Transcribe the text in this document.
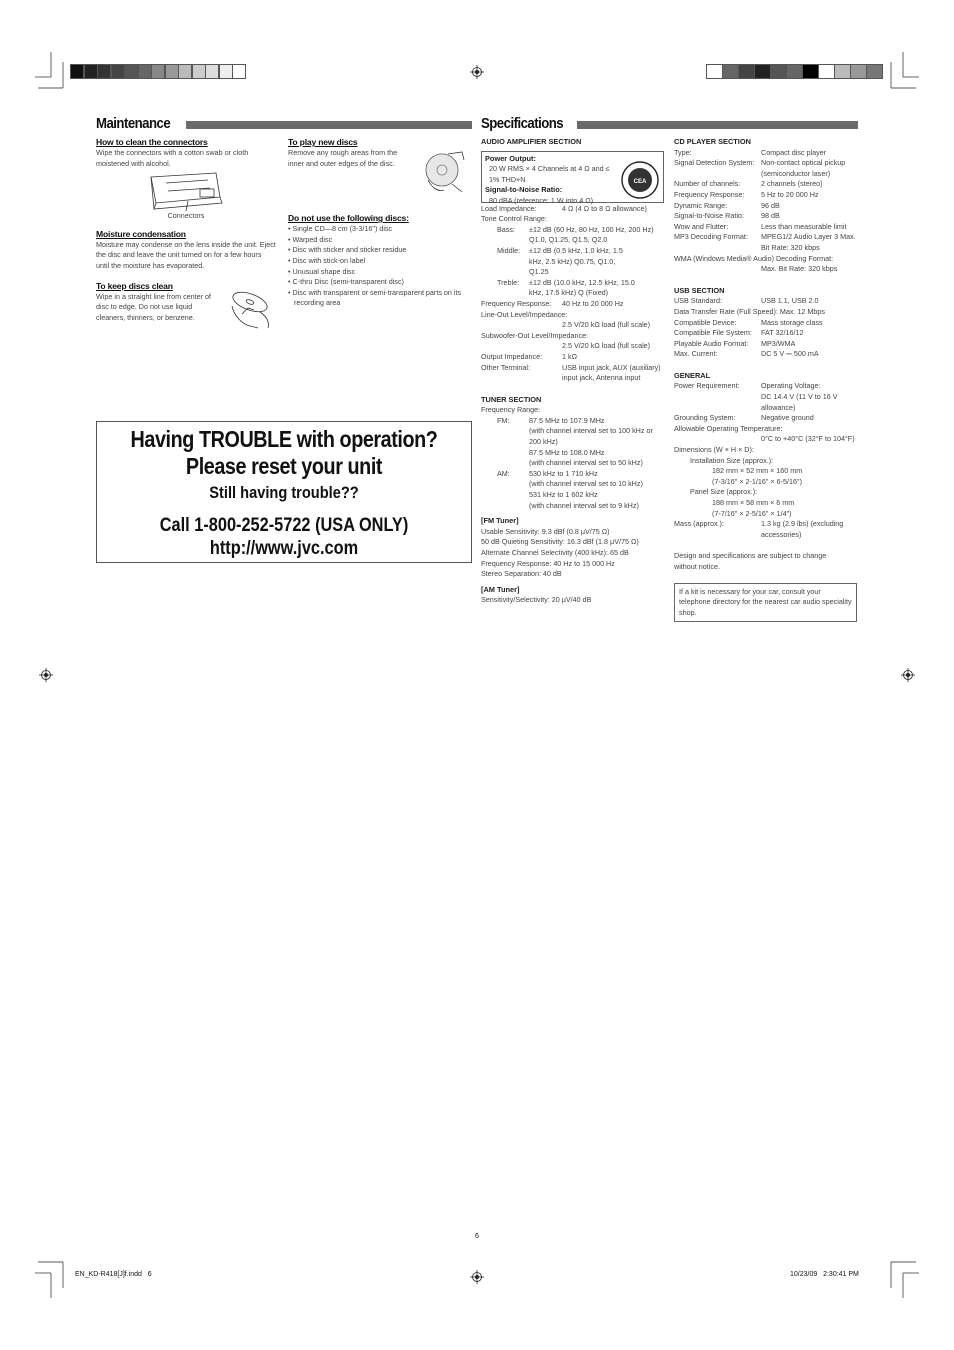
Maintenance
How to clean the connectors
Wipe the connectors with a cotton swab or cloth moistened with alcohol.
Connectors
Moisture condensation
Moisture may condense on the lens inside the unit. Eject the disc and leave the unit turned on for a few hours until the moisture has evaporated.
To keep discs clean
Wipe in a straight line from center of disc to edge. Do not use liquid cleaners, thinners, or benzene.
To play new discs
Remove any rough areas from the inner and outer edges of the disc.
Do not use the following discs:
• Single CD—8 cm (3-3/16") disc
• Warped disc
• Disc with sticker and sticker residue
• Disc with stick-on label
• Unusual shape disc
• C-thru Disc (semi-transparent disc)
• Disc with transparent or semi-transparent parts on its recording area
Having TROUBLE with operation?
Please reset your unit
Still having trouble??
Call 1-800-252-5722 (USA ONLY)
http://www.jvc.com
Specifications
AUDIO AMPLIFIER SECTION
Power Output:
20 W RMS × 4 Channels at 4 Ω and ≤ 1% THD+N
Signal-to-Noise Ratio:
80 dBA (reference: 1 W into 4 Ω)
CEA
Load Impedance:	4 Ω (4 Ω to 8 Ω allowance)
Tone Control Range:
Bass:	±12 dB (60 Hz, 80 Hz, 100 Hz, 200 Hz) Q1.0, Q1.25, Q1.5, Q2.0
Middle:	±12 dB (0.5 kHz, 1.0 kHz, 1.5 kHz, 2.5 kHz) Q0.75, Q1.0, Q1.25
Treble:	±12 dB (10.0 kHz, 12.5 kHz, 15.0 kHz, 17.5 kHz) Q (Fixed)
Frequency Response:	40 Hz to 20 000 Hz
Line-Out Level/Impedance:
2.5 V/20 kΩ load (full scale)
Subwoofer-Out Level/Impedance:
2.5 V/20 kΩ load (full scale)
Output Impedance:	1 kΩ
Other Terminal:	USB input jack, AUX (auxiliary) input jack, Antenna input
TUNER SECTION
Frequency Range:
FM:	87.5 MHz to 107.9 MHz
(with channel interval set to 100 kHz or 200 kHz)
87.5 MHz to 108.0 MHz
(with channel interval set to 50 kHz)
AM:	530 kHz to 1 710 kHz
(with channel interval set to 10 kHz)
531 kHz to 1 602 kHz
(with channel interval set to 9 kHz)
[FM Tuner]
Usable Sensitivity: 9.3 dBf (0.8 μV/75 Ω)
50 dB Quieting Sensitivity: 16.3 dBf (1.8 μV/75 Ω)
Alternate Channel Selectivity (400 kHz): 65 dB
Frequency Response: 40 Hz to 15 000 Hz
Stereo Separation: 40 dB
[AM Tuner]
Sensitivity/Selectivity: 20 μV/40 dB
CD PLAYER SECTION
Type:	Compact disc player
Signal Detection System: Non-contact optical pickup (semiconductor laser)
Number of channels:	2 channels (stereo)
Frequency Response:	5 Hz to 20 000 Hz
Dynamic Range:	96 dB
Signal-to-Noise Ratio:	98 dB
Wow and Flutter:	Less than measurable limit
MP3 Decoding Format:	MPEG1/2 Audio Layer 3 Max. Bit Rate: 320 kbps
WMA (Windows Media® Audio) Decoding Format:
Max. Bit Rate: 320 kbps
USB SECTION
USB Standard:	USB 1.1, USB 2.0
Data Transfer Rate (Full Speed): Max. 12 Mbps
Compatible Device:	Mass storage class
Compatible File System:	FAT 32/16/12
Playable Audio Format:	MP3/WMA
Max. Current:	DC 5 V ⎓ 500 mA
GENERAL
Power Requirement:	Operating Voltage:
DC 14.4 V (11 V to 16 V allowance)
Grounding System:	Negative ground
Allowable Operating Temperature:
0°C to +40°C (32°F to 104°F)
Dimensions (W × H × D):
Installation Size (approx.):
182 mm × 52 mm × 160 mm
(7-3/16" × 2-1/16" × 6-5/16")
Panel Size (approx.):
188 mm × 58 mm × 6 mm
(7-7/16" × 2-5/16" × 1/4")
Mass (approx.):	1.3 kg (2.9 lbs) (excluding accessories)
Design and specifications are subject to change without notice.
If a kit is necessary for your car, consult your telephone directory for the nearest car audio speciality shop.
6
EN_KD-R418[J]f.indd   6	10/23/09   2:30:41 PM
